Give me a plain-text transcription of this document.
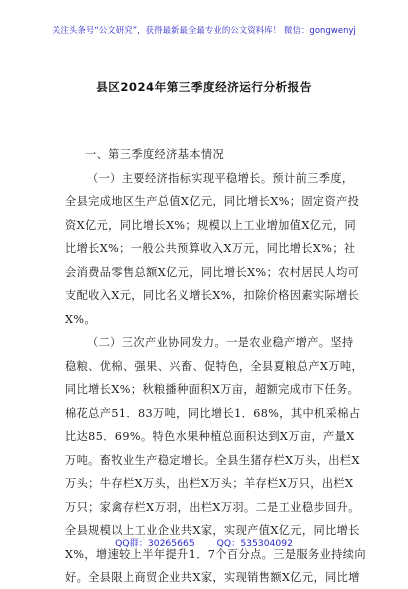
关注头条号“公文研究”，获得最新最全最专业的公文资料库！ 微信：gongwenyj
县区2024年第三季度经济运行分析报告
一、第三季度经济基本情况
（一）主要经济指标实现平稳增长。预计前三季度，
全县完成地区生产总值X亿元，同比增长X%；固定资产投
资X亿元，同比增长X%；规模以上工业增加值X亿元，同
比增长X%；一般公共预算收入X万元，同比增长X%；社
会消费品零售总额X亿元，同比增长X%；农村居民人均可
支配收入X元，同比名义增长X%，扣除价格因素实际增长
X%。
（二）三次产业协同发力。一是农业稳产增产。坚持
稳粮、优棉、强果、兴畜、促特色，全县夏粮总产X万吨，
同比增长X%；秋粮播种面积X万亩，超额完成市下任务。
棉花总产51．83万吨，同比增长1．68%，其中机采棉占
比达85．69%。特色水果种植总面积达到X万亩，产量X
万吨。畜牧业生产稳定增长。全县生猪存栏X万头，出栏X
万头；牛存栏X万头，出栏X万头；羊存栏X万只，出栏X
万只；家禽存栏X万羽，出栏X万羽。二是工业稳步回升。
全县规模以上工业企业共X家，实现产值X亿元，同比增长
X%，增速较上半年提升1．7个百分点。三是服务业持续向
好。全县限上商贸企业共X家，实现销售额X亿元，同比增
QQ群：30265665 QQ：535304092
